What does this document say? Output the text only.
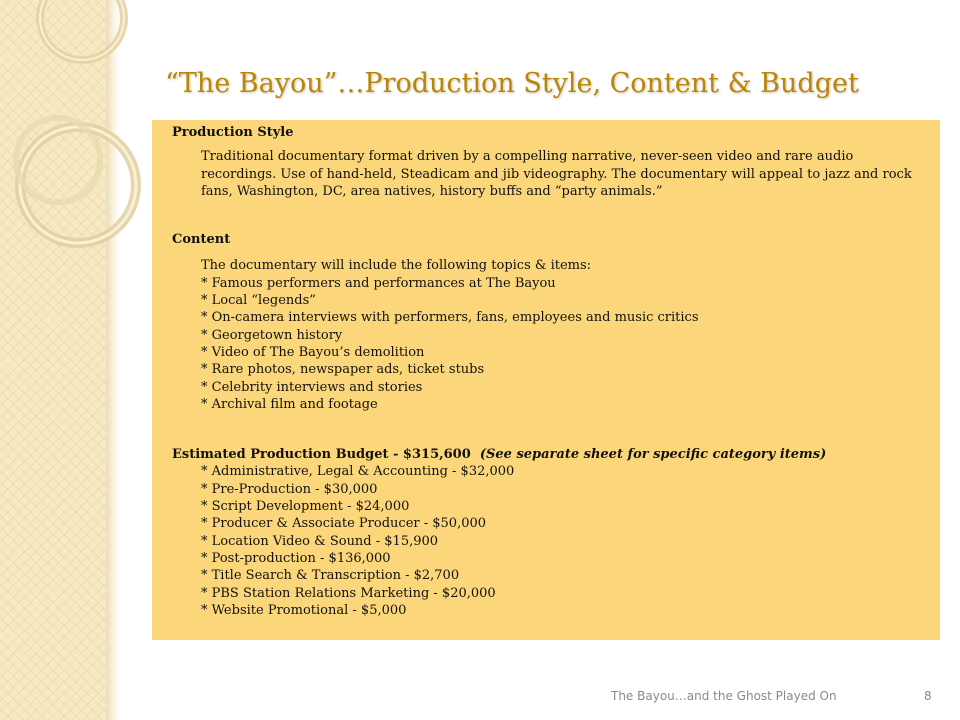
“The Bayou”…Production Style, Content & Budget
Production Style
Traditional documentary format driven by a compelling narrative, never-seen video and rare audio recordings. Use of hand-held, Steadicam and jib videography. The documentary will appeal to jazz and rock fans, Washington, DC, area natives, history buffs and “party animals.”
Content
The documentary will include the following topics & items:
* Famous performers and performances at The Bayou
* Local “legends”
* On-camera interviews with performers, fans, employees and music critics
* Georgetown history
* Video of The Bayou’s demolition
* Rare photos, newspaper ads, ticket stubs
* Celebrity interviews and stories
* Archival film and footage
Estimated Production Budget - $315,600 (See separate sheet for specific category items)
* Administrative, Legal & Accounting - $32,000
* Pre-Production - $30,000
* Script Development - $24,000
* Producer & Associate Producer - $50,000
* Location Video & Sound - $15,900
* Post-production - $136,000
* Title Search & Transcription - $2,700
* PBS Station Relations Marketing - $20,000
* Website Promotional - $5,000
The Bayou…and the Ghost Played On	8
